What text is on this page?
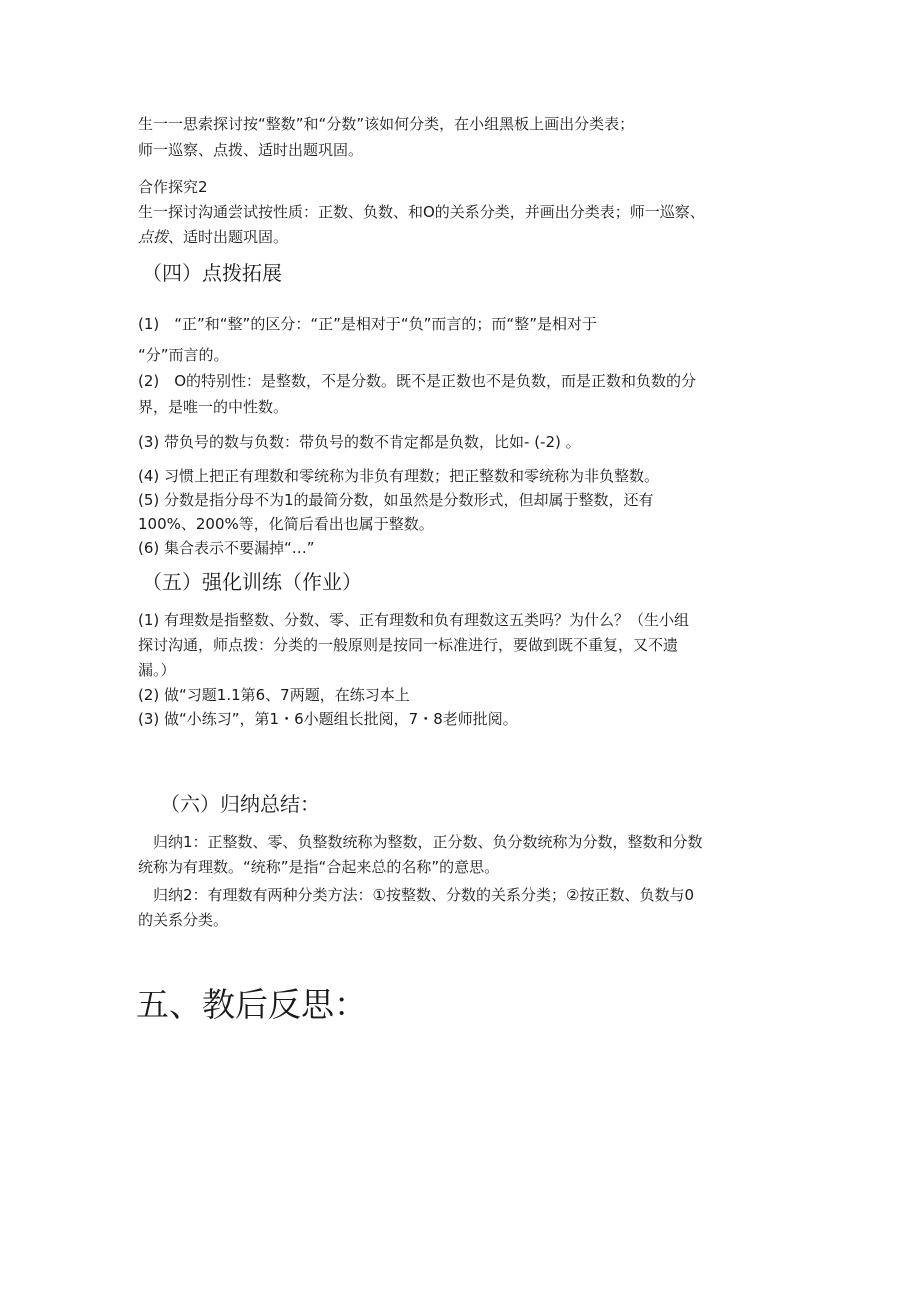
生一一思索探讨按“整数”和“分数”该如何分类，在小组黑板上画出分类表；

师一巡察、点拨、适时出题巩固。

合作探究2

生一探讨沟通尝试按性质：正数、负数、和O的关系分类，并画出分类表；师一巡察、

点拨、适时出题巩固。

（四）点拨拓展

(1)　“正”和“整”的区分：“正”是相对于“负”而言的；而“整”是相对于

“分”而言的。

(2)　O的特别性：是整数，不是分数。既不是正数也不是负数，而是正数和负数的分

界，是唯一的中性数。

(3) 带负号的数与负数：带负号的数不肯定都是负数，比如- (-2) 。

(4) 习惯上把正有理数和零统称为非负有理数；把正整数和零统称为非负整数。

(5) 分数是指分母不为1的最简分数，如虽然是分数形式，但却属于整数，还有

100%、200%等，化简后看出也属于整数。

(6) 集合表示不要漏掉“…”

（五）强化训练（作业）

(1) 有理数是指整数、分数、零、正有理数和负有理数这五类吗？为什么？（生小组

探讨沟通，师点拨：分类的一般原则是按同一标准进行，要做到既不重复，又不遗

漏。）

(2) 做“习题1.1第6、7两题，在练习本上

(3) 做“小练习”，第1・6小题组长批阅，7・8老师批阅。

（六）归纳总结：

　归纳1：正整数、零、负整数统称为整数，正分数、负分数统称为分数，整数和分数

统称为有理数。“统称”是指“合起来总的名称”的意思。

　归纳2：有理数有两种分类方法：①按整数、分数的关系分类；②按正数、负数与0

的关系分类。

五、教后反思：
